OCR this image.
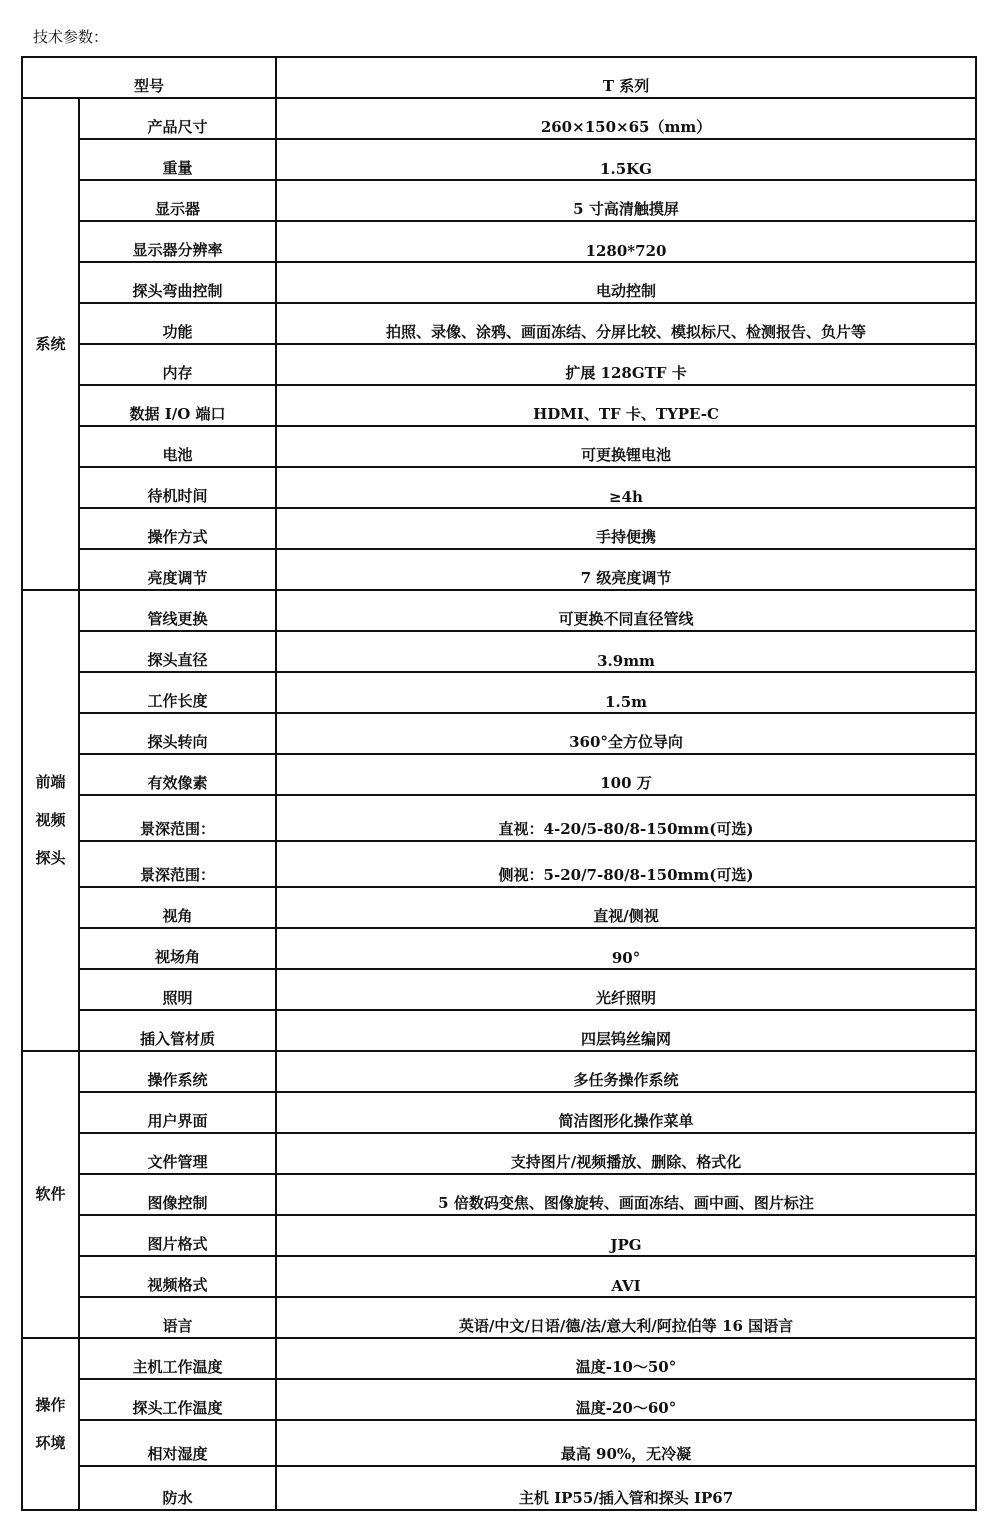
技术参数：
型号		T 系列

系统	产品尺寸	260×150×65（mm）
	重量	1.5KG
	显示器	5 寸高清触摸屏
	显示器分辨率	1280*720
	探头弯曲控制	电动控制
	功能	拍照、录像、涂鸦、画面冻结、分屏比较、模拟标尺、检测报告、负片等
	内存	扩展 128GTF 卡
	数据 I/O 端口	HDMI、TF 卡、TYPE-C
	电池	可更换锂电池
	待机时间	≥4h
	操作方式	手持便携
	亮度调节	7 级亮度调节

前端
视频
探头	管线更换	可更换不同直径管线
	探头直径	3.9mm
	工作长度	1.5m
	探头转向	360°全方位导向
	有效像素	100 万
	景深范围：	直视：4-20/5-80/8-150mm(可选)
	景深范围：	侧视：5-20/7-80/8-150mm(可选)
	视角	直视/侧视
	视场角	90°
	照明	光纤照明
	插入管材质	四层钨丝编网

软件	操作系统	多任务操作系统
	用户界面	简洁图形化操作菜单
	文件管理	支持图片/视频播放、删除、格式化
	图像控制	5 倍数码变焦、图像旋转、画面冻结、画中画、图片标注
	图片格式	JPG
	视频格式	AVI
	语言	英语/中文/日语/德/法/意大利/阿拉伯等 16 国语言

操作
环境	主机工作温度	温度-10～50°
	探头工作温度	温度-20～60°
	相对湿度	最高 90%，无冷凝
	防水	主机 IP55/插入管和探头 IP67
